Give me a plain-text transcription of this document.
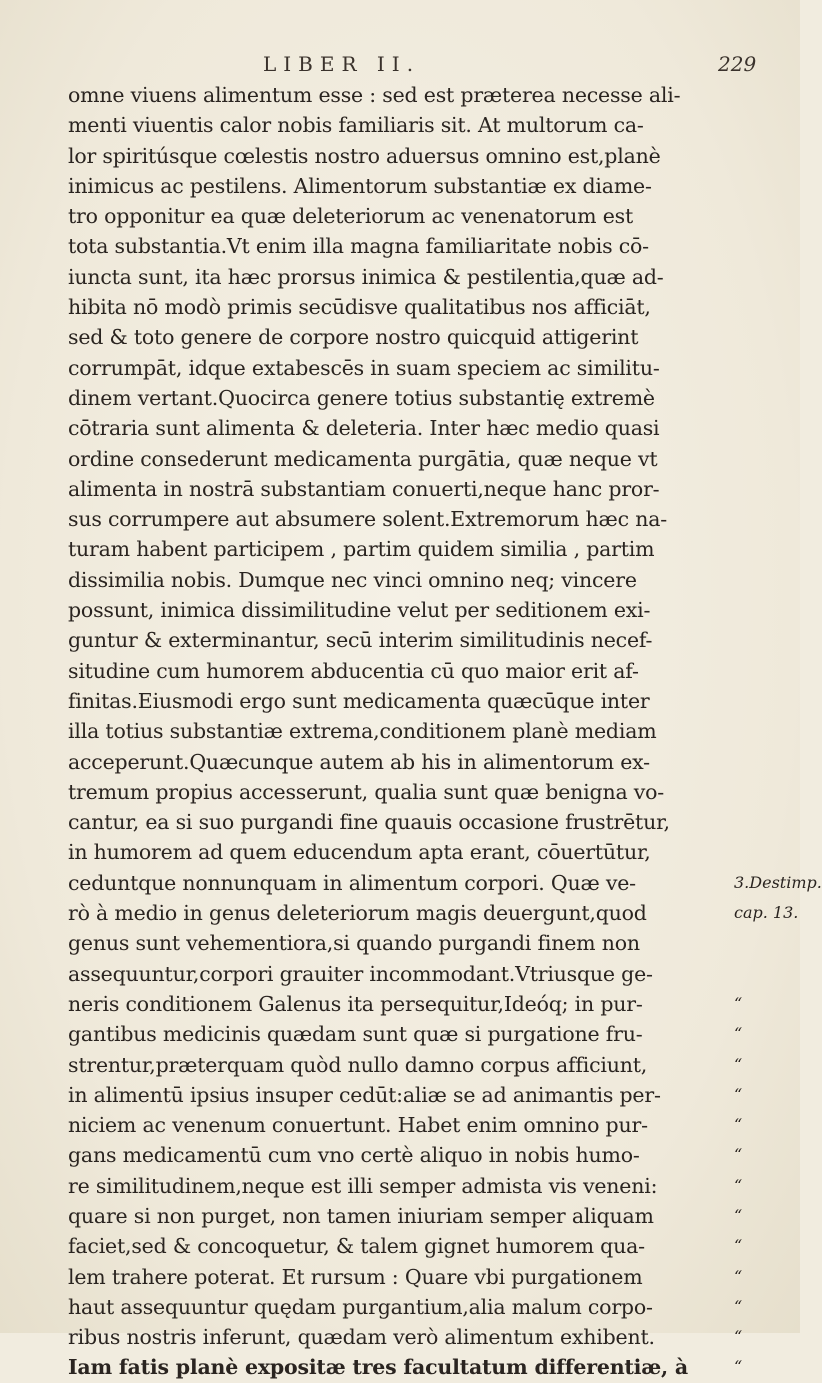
LIBER II.	229
omne viuens alimentum esse : sed est præterea necesse ali-
menti viuentis calor nobis familiaris sit. At multorum ca-
lor spiritúsque cœlestis nostro aduersus omnino est,planè
inimicus ac pestilens. Alimentorum substantiæ ex diame-
tro opponitur ea quæ deleteriorum ac venenatorum est
tota substantia.Vt enim illa magna familiaritate nobis cō-
iuncta sunt, ita hæc prorsus inimica & pestilentia,quæ ad-
hibita nō modò primis secūdisve qualitatibus nos afficiāt,
sed & toto genere de corpore nostro quicquid attigerint
corrumpāt, idque extabescēs in suam speciem ac similitu-
dinem vertant.Quocirca genere totius substantię extremè
cōtraria sunt alimenta & deleteria. Inter hæc medio quasi
ordine consederunt medicamenta purgātia, quæ neque vt
alimenta in nostrā substantiam conuerti,neque hanc pror-
sus corrumpere aut absumere solent.Extremorum hæc na-
turam habent participem , partim quidem similia , partim
dissimilia nobis. Dumque nec vinci omnino neq; vincere
possunt, inimica dissimilitudine velut per seditionem exi-
guntur & exterminantur, secū interim similitudinis necef-
situdine cum humorem abducentia cū quo maior erit af-
finitas.Eiusmodi ergo sunt medicamenta quæcūque inter
illa totius substantiæ extrema,conditionem planè mediam
acceperunt.Quæcunque autem ab his in alimentorum ex-
tremum propius accesserunt, qualia sunt quæ benigna vo-
cantur, ea si suo purgandi fine quauis occasione frustrētur,
in humorem ad quem educendum apta erant, cōuertūtur,
ceduntque nonnunquam in alimentum corpori. Quæ ve-
rò à medio in genus deleteriorum magis deuergunt,quod
genus sunt vehementiora,si quando purgandi finem non
assequuntur,corpori grauiter incommodant.Vtriusque ge-
neris conditionem Galenus ita persequitur,Ideóq; in pur-
gantibus medicinis quædam sunt quæ si purgatione fru-
strentur,præterquam quòd nullo damno corpus afficiunt,
in alimentū ipsius insuper cedūt:aliæ se ad animantis per-
niciem ac venenum conuertunt. Habet enim omnino pur-
gans medicamentū cum vno certè aliquo in nobis humo-
re similitudinem,neque est illi semper admista vis veneni:
quare si non purget, non tamen iniuriam semper aliquam
faciet,sed & concoquetur, & talem gignet humorem qua-
lem trahere poterat. Et rursum : Quare vbi purgationem
haut assequuntur quędam purgantium,alia malum corpo-
ribus nostris inferunt, quædam verò alimentum exhibent.
Iam fatis planè expositæ tres facultatum differentiæ, à
3.Destimp.
cap. 13.
“
“
“
“
“
“
“
“
“
“
“
“
“
